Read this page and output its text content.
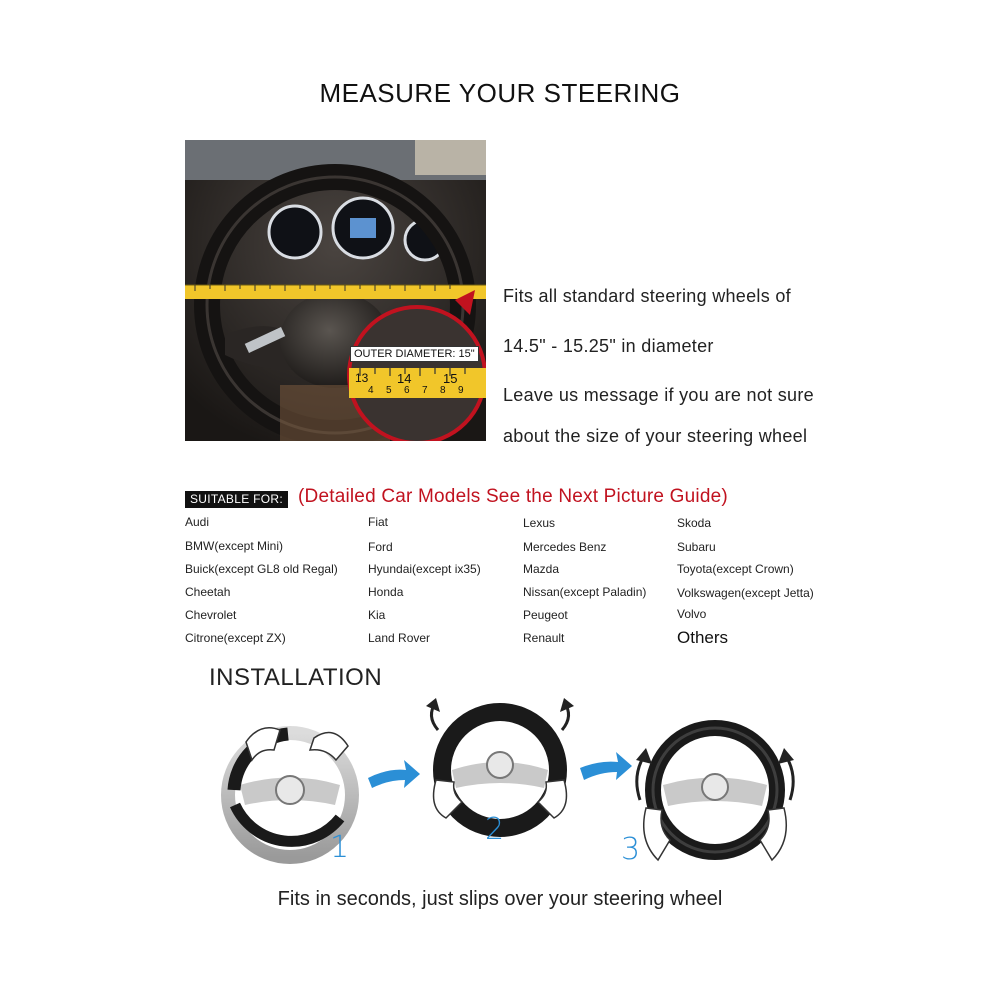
MEASURE YOUR STEERING
OUTER DIAMETER: 15"
13 14 15
4 5 6 7 8 9
Fits all standard steering wheels of
14.5" - 15.25" in diameter
Leave us message if you are not sure
about the size of your steering wheel
SUITABLE FOR: (Detailed Car Models See the Next Picture Guide)
Audi	Fiat	Lexus	Skoda
BMW(except Mini)	Ford	Mercedes Benz	Subaru
Buick(except GL8 old Regal)	Hyundai(except ix35)	Mazda	Toyota(except Crown)
Cheetah	Honda	Nissan(except Paladin)	Volkswagen(except Jetta)
Chevrolet	Kia	Peugeot	Volvo
Citrone(except ZX)	Land Rover	Renault	Others
INSTALLATION
1
2
3
Fits in seconds, just slips over your steering wheel
